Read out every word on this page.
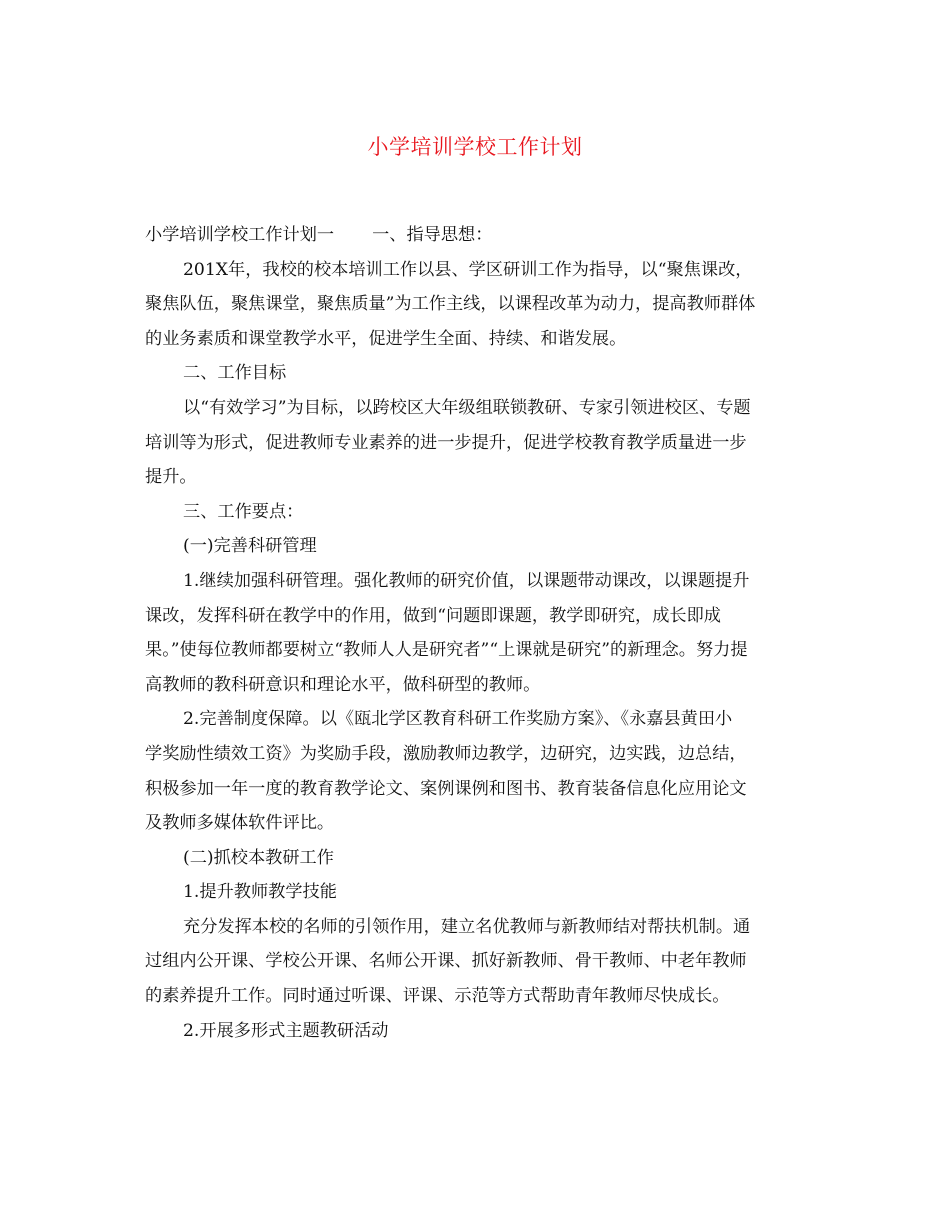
小学培训学校工作计划

小学培训学校工作计划一 一、指导思想：

201X年，我校的校本培训工作以县、学区研训工作为指导，以“聚焦课改，
聚焦队伍，聚焦课堂，聚焦质量”为工作主线，以课程改革为动力，提高教师群体
的业务素质和课堂教学水平，促进学生全面、持续、和谐发展。

二、工作目标

以“有效学习”为目标，以跨校区大年级组联锁教研、专家引领进校区、专题
培训等为形式，促进教师专业素养的进一步提升，促进学校教育教学质量进一步
提升。

三、工作要点：

(一)完善科研管理

1.继续加强科研管理。强化教师的研究价值，以课题带动课改，以课题提升
课改，发挥科研在教学中的作用，做到“问题即课题，教学即研究，成长即成
果。”使每位教师都要树立“教师人人是研究者”“上课就是研究”的新理念。努力提
高教师的教科研意识和理论水平，做科研型的教师。

2.完善制度保障。以《瓯北学区教育科研工作奖励方案》、《永嘉县黄田小
学奖励性绩效工资》为奖励手段，激励教师边教学，边研究，边实践，边总结，
积极参加一年一度的教育教学论文、案例课例和图书、教育装备信息化应用论文
及教师多媒体软件评比。

(二)抓校本教研工作

1.提升教师教学技能

充分发挥本校的名师的引领作用，建立名优教师与新教师结对帮扶机制。通
过组内公开课、学校公开课、名师公开课、抓好新教师、骨干教师、中老年教师
的素养提升工作。同时通过听课、评课、示范等方式帮助青年教师尽快成长。

2.开展多形式主题教研活动
